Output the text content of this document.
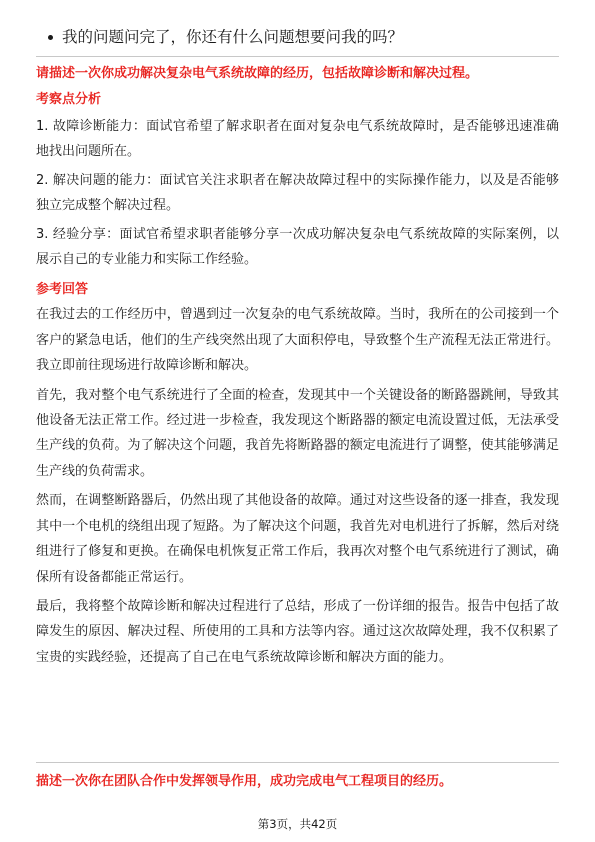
我的问题问完了，你还有什么问题想要问我的吗？

请描述一次你成功解决复杂电气系统故障的经历，包括故障诊断和解决过程。

考察点分析

1. 故障诊断能力：面试官希望了解求职者在面对复杂电气系统故障时，是否能够迅速准确地找出问题所在。

2. 解决问题的能力：面试官关注求职者在解决故障过程中的实际操作能力，以及是否能够独立完成整个解决过程。

3. 经验分享：面试官希望求职者能够分享一次成功解决复杂电气系统故障的实际案例，以展示自己的专业能力和实际工作经验。

参考回答

在我过去的工作经历中，曾遇到过一次复杂的电气系统故障。当时，我所在的公司接到一个客户的紧急电话，他们的生产线突然出现了大面积停电，导致整个生产流程无法正常进行。我立即前往现场进行故障诊断和解决。

首先，我对整个电气系统进行了全面的检查，发现其中一个关键设备的断路器跳闸，导致其他设备无法正常工作。经过进一步检查，我发现这个断路器的额定电流设置过低，无法承受生产线的负荷。为了解决这个问题，我首先将断路器的额定电流进行了调整，使其能够满足生产线的负荷需求。

然而，在调整断路器后，仍然出现了其他设备的故障。通过对这些设备的逐一排查，我发现其中一个电机的绕组出现了短路。为了解决这个问题，我首先对电机进行了拆解，然后对绕组进行了修复和更换。在确保电机恢复正常工作后，我再次对整个电气系统进行了测试，确保所有设备都能正常运行。

最后，我将整个故障诊断和解决过程进行了总结，形成了一份详细的报告。报告中包括了故障发生的原因、解决过程、所使用的工具和方法等内容。通过这次故障处理，我不仅积累了宝贵的实践经验，还提高了自己在电气系统故障诊断和解决方面的能力。

描述一次你在团队合作中发挥领导作用，成功完成电气工程项目的经历。

第3页，共42页
